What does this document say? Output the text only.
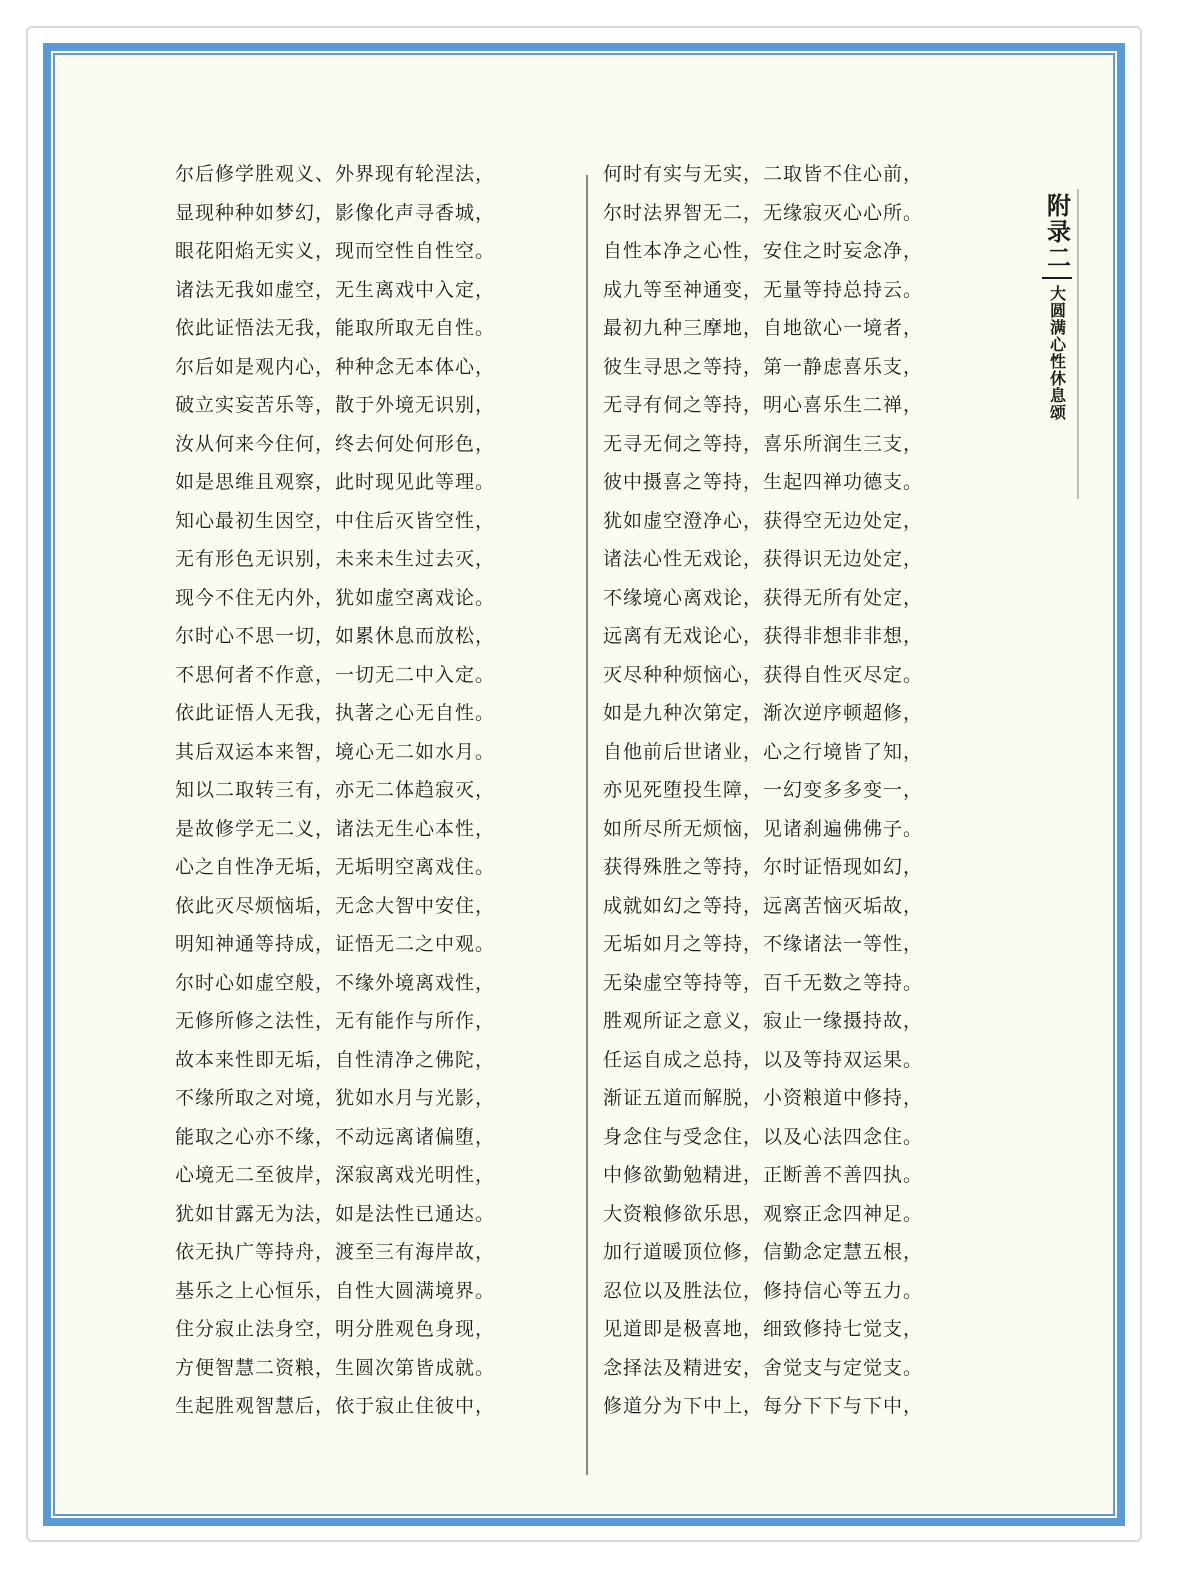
尔后修学胜观义、外界现有轮涅法，
显现种种如梦幻，影像化声寻香城，
眼花阳焰无实义，现而空性自性空。
诸法无我如虚空，无生离戏中入定，
依此证悟法无我，能取所取无自性。
尔后如是观内心，种种念无本体心，
破立实妄苦乐等，散于外境无识别，
汝从何来今住何，终去何处何形色，
如是思维且观察，此时现见此等理。
知心最初生因空，中住后灭皆空性，
无有形色无识别，未来未生过去灭，
现今不住无内外，犹如虚空离戏论。
尔时心不思一切，如累休息而放松，
不思何者不作意，一切无二中入定。
依此证悟人无我，执著之心无自性。
其后双运本来智，境心无二如水月。
知以二取转三有，亦无二体趋寂灭，
是故修学无二义，诸法无生心本性，
心之自性净无垢，无垢明空离戏住。
依此灭尽烦恼垢，无念大智中安住，
明知神通等持成，证悟无二之中观。
尔时心如虚空般，不缘外境离戏性，
无修所修之法性，无有能作与所作，
故本来性即无垢，自性清净之佛陀，
不缘所取之对境，犹如水月与光影，
能取之心亦不缘，不动远离诸偏堕，
心境无二至彼岸，深寂离戏光明性，
犹如甘露无为法，如是法性已通达。
依无执广等持舟，渡至三有海岸故，
基乐之上心恒乐，自性大圆满境界。
住分寂止法身空，明分胜观色身现，
方便智慧二资粮，生圆次第皆成就。
生起胜观智慧后，依于寂止住彼中，
何时有实与无实，二取皆不住心前，
尔时法界智无二，无缘寂灭心心所。
自性本净之心性，安住之时妄念净，
成九等至神通变，无量等持总持云。
最初九种三摩地，自地欲心一境者，
彼生寻思之等持，第一静虑喜乐支，
无寻有伺之等持，明心喜乐生二禅，
无寻无伺之等持，喜乐所润生三支，
彼中摄喜之等持，生起四禅功德支。
犹如虚空澄净心，获得空无边处定，
诸法心性无戏论，获得识无边处定，
不缘境心离戏论，获得无所有处定，
远离有无戏论心，获得非想非非想，
灭尽种种烦恼心，获得自性灭尽定。
如是九种次第定，渐次逆序顿超修，
自他前后世诸业，心之行境皆了知，
亦见死堕投生障，一幻变多多变一，
如所尽所无烦恼，见诸刹遍佛佛子。
获得殊胜之等持，尔时证悟现如幻，
成就如幻之等持，远离苦恼灭垢故，
无垢如月之等持，不缘诸法一等性，
无染虚空等持等，百千无数之等持。
胜观所证之意义，寂止一缘摄持故，
任运自成之总持，以及等持双运果。
渐证五道而解脱，小资粮道中修持，
身念住与受念住，以及心法四念住。
中修欲勤勉精进，正断善不善四执。
大资粮修欲乐思，观察正念四神足。
加行道暖顶位修，信勤念定慧五根，
忍位以及胜法位，修持信心等五力。
见道即是极喜地，细致修持七觉支，
念择法及精进安，舍觉支与定觉支。
修道分为下中上，每分下下与下中，
附录二
大圆满心性休息颂
